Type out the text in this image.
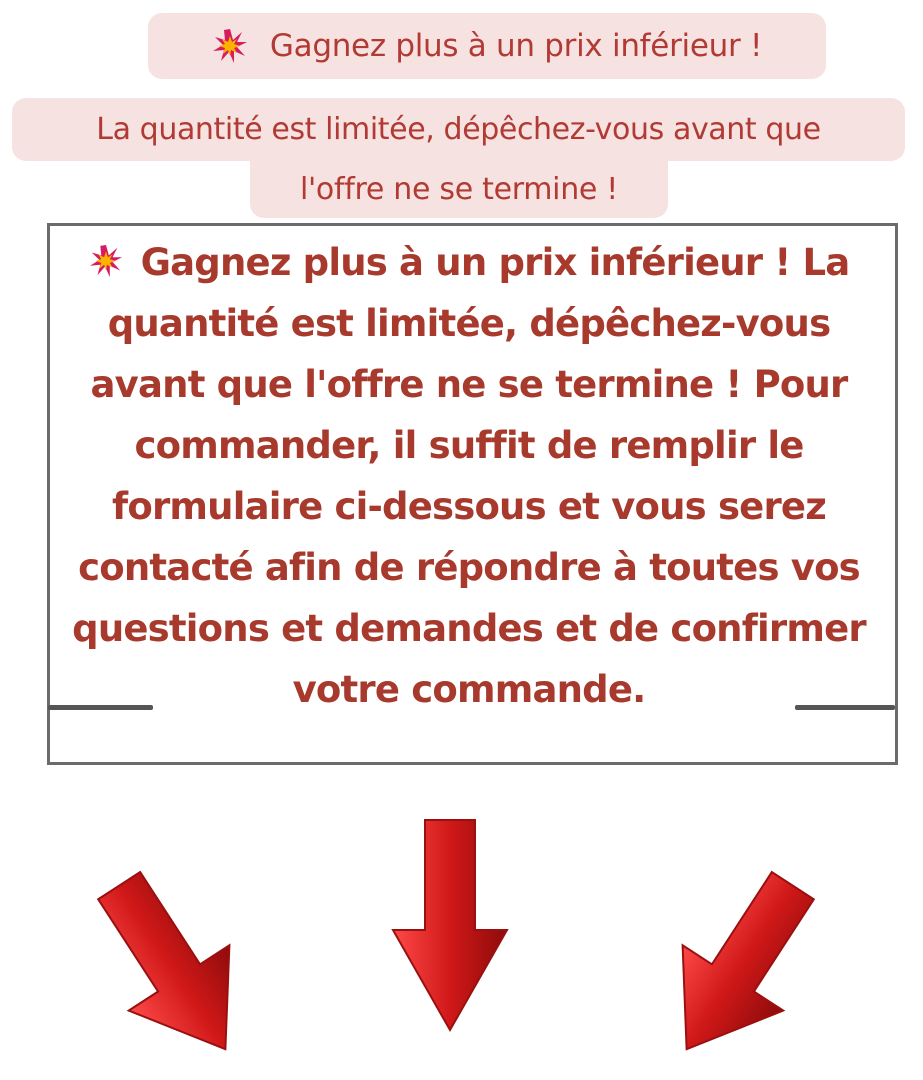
Gagnez plus à un prix inférieur !
La quantité est limitée, dépêchez-vous avant que
l'offre ne se termine !
Gagnez plus à un prix inférieur ! La quantité est limitée, dépêchez-vous avant que l'offre ne se termine ! Pour commander, il suffit de remplir le formulaire ci-dessous et vous serez contacté afin de répondre à toutes vos questions et demandes et de confirmer votre commande.
